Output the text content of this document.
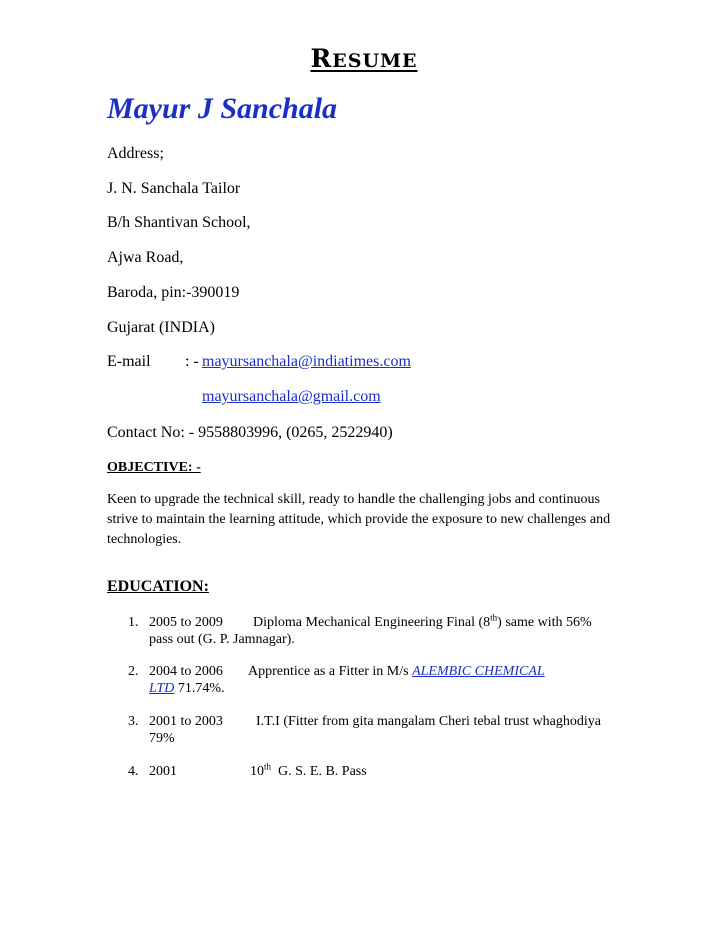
RESUME
Mayur J Sanchala
Address;
J. N. Sanchala Tailor
B/h Shantivan School,
Ajwa Road,
Baroda, pin:-390019
Gujarat (INDIA)
E-mail : - mayursanchala@indiatimes.com
mayursanchala@gmail.com
Contact No: - 9558803996, (0265, 2522940)
OBJECTIVE: -
Keen to upgrade the technical skill, ready to handle the challenging jobs and continuous strive to maintain the learning attitude, which provide the exposure to new challenges and technologies.
EDUCATION:
1. 2005 to 2009 Diploma Mechanical Engineering Final (8th) same with 56%
pass out (G. P. Jamnagar).
2. 2004 to 2006 Apprentice as a Fitter in M/s ALEMBIC CHEMICAL
LTD 71.74%.
3. 2001 to 2003 I.T.I (Fitter from gita mangalam Cheri tebal trust whaghodiya
79%
4. 2001	10th  G. S. E. B. Pass
